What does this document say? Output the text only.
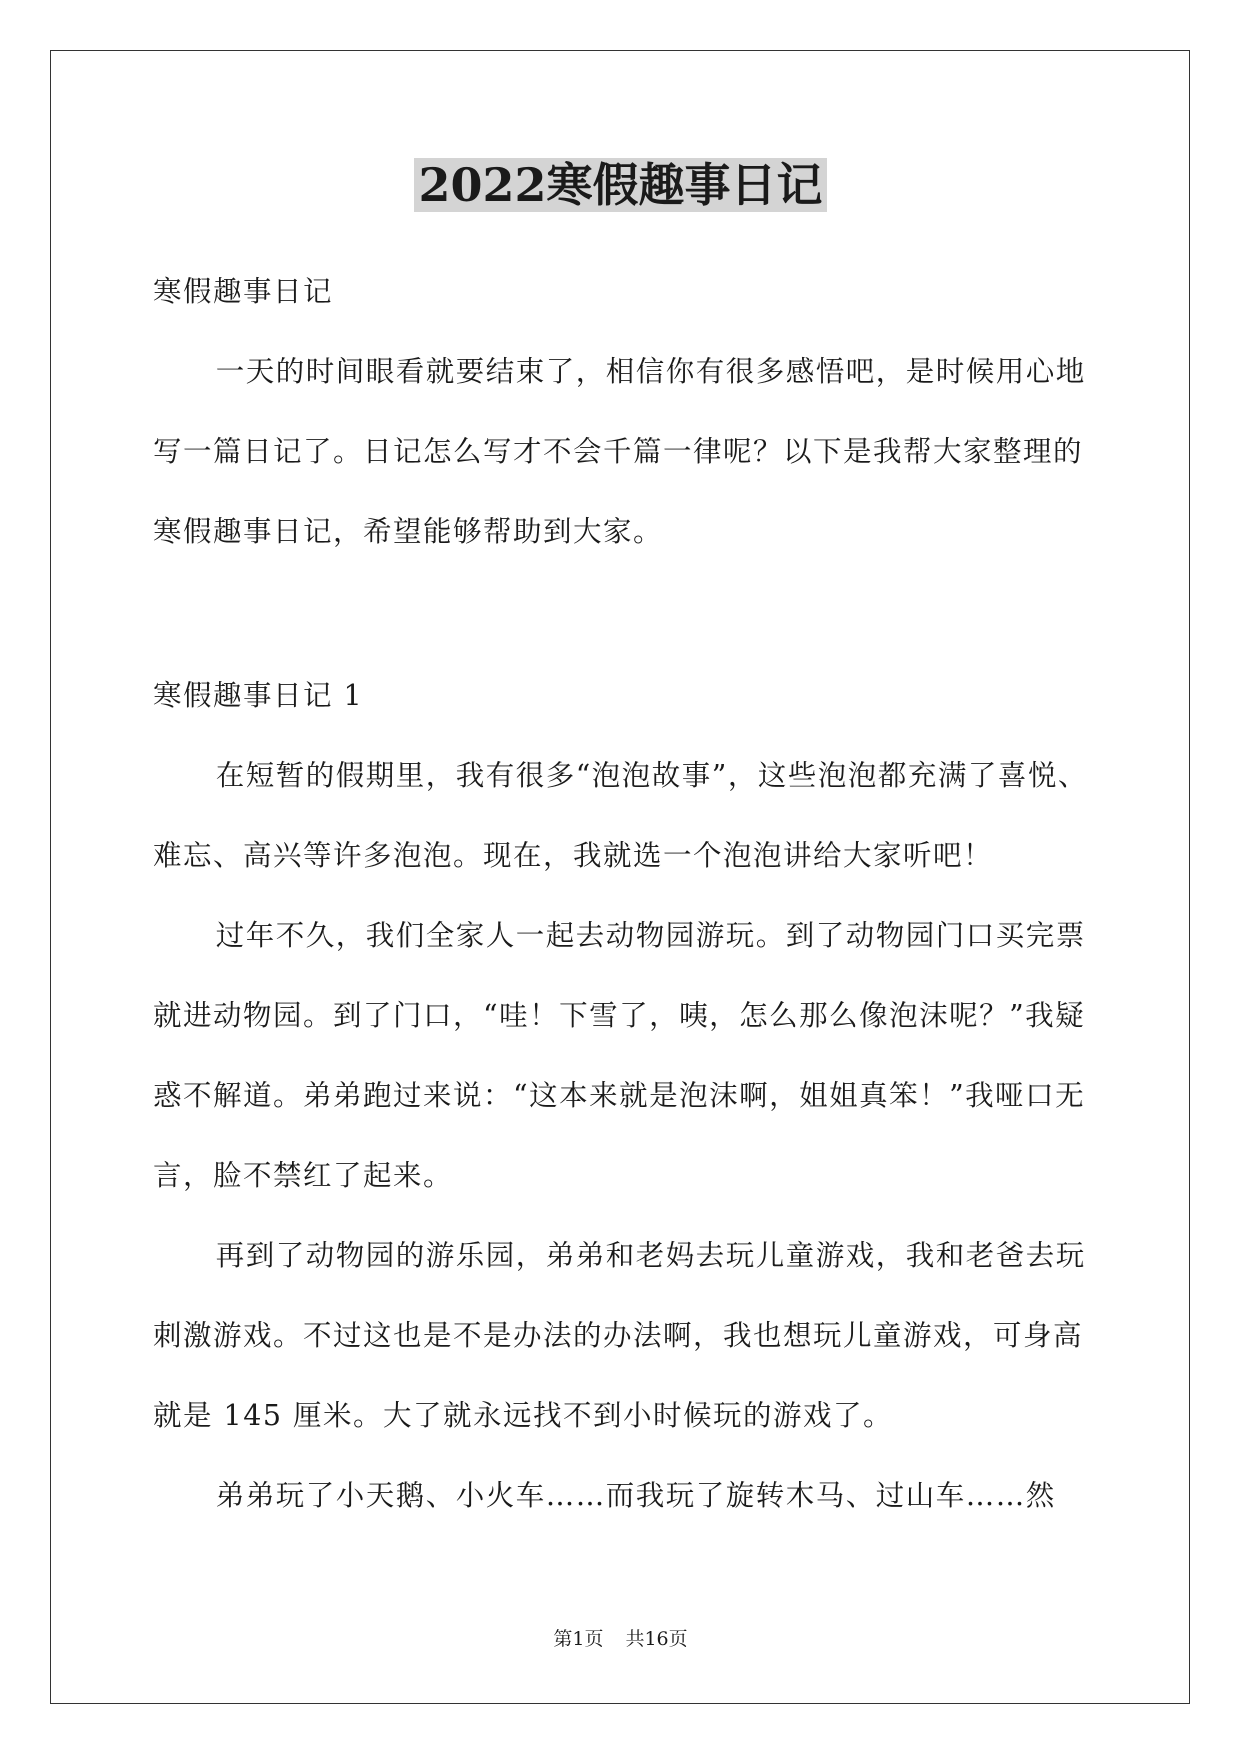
2022寒假趣事日记

寒假趣事日记

一天的时间眼看就要结束了，相信你有很多感悟吧，是时候用心地写一篇日记了。日记怎么写才不会千篇一律呢？以下是我帮大家整理的寒假趣事日记，希望能够帮助到大家。

寒假趣事日记 1

在短暂的假期里，我有很多“泡泡故事”，这些泡泡都充满了喜悦、难忘、高兴等许多泡泡。现在，我就选一个泡泡讲给大家听吧！

过年不久，我们全家人一起去动物园游玩。到了动物园门口买完票就进动物园。到了门口，“哇！下雪了，咦，怎么那么像泡沫呢？”我疑惑不解道。弟弟跑过来说：“这本来就是泡沫啊，姐姐真笨！”我哑口无言，脸不禁红了起来。

再到了动物园的游乐园，弟弟和老妈去玩儿童游戏，我和老爸去玩刺激游戏。不过这也是不是办法的办法啊，我也想玩儿童游戏，可身高就是 145 厘米。大了就永远找不到小时候玩的游戏了。

弟弟玩了小天鹅、小火车……而我玩了旋转木马、过山车……然

第1页 共16页
